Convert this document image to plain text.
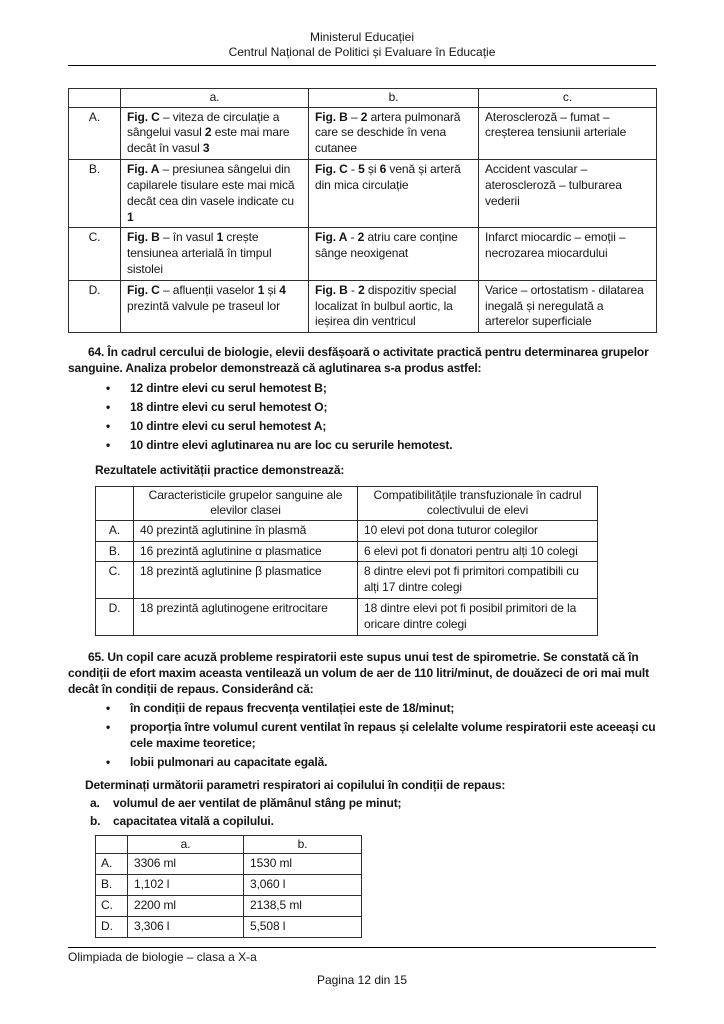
Ministerul Educației
Centrul Național de Politici și Evaluare în Educație
	a.	b.	c.
A.	Fig. C – viteza de circulație a sângelui vasul 2 este mai mare decât în vasul 3	Fig. B – 2 artera pulmonară care se deschide în vena cutanee	Ateroscleroză – fumat – creșterea tensiunii arteriale
B.	Fig. A – presiunea sângelui din capilarele tisulare este mai mică decât cea din vasele indicate cu 1	Fig. C - 5 și 6 venă și arteră din mica circulație	Accident vascular – ateroscleroză – tulburarea vederii
C.	Fig. B – în vasul 1 crește tensiunea arterială în timpul sistolei	Fig. A - 2 atriu care conține sânge neoxigenat	Infarct miocardic – emoții – necrozarea miocardului
D.	Fig. C – afluenții vaselor 1 și 4 prezintă valvule pe traseul lor	Fig. B - 2 dispozitiv special localizat în bulbul aortic, la ieșirea din ventricul	Varice – ortostatism - dilatarea inegală și neregulată a arterelor superficiale

64. În cadrul cercului de biologie, elevii desfășoară o activitate practică pentru determinarea grupelor sanguine. Analiza probelor demonstrează că aglutinarea s-a produs astfel:

• 12 dintre elevi cu serul hemotest B;
• 18 dintre elevi cu serul hemotest O;
• 10 dintre elevi cu serul hemotest A;
• 10 dintre elevi aglutinarea nu are loc cu serurile hemotest.

Rezultatele activității practice demonstrează:

	Caracteristicile grupelor sanguine ale elevilor clasei	Compatibilitățile transfuzionale în cadrul colectivului de elevi
A.	40 prezintă aglutinine în plasmă	10 elevi pot dona tuturor colegilor
B.	16 prezintă aglutinine α plasmatice	6 elevi pot fi donatori pentru alți 10 colegi
C.	18 prezintă aglutinine β plasmatice	8 dintre elevi pot fi primitori compatibili cu alți 17 dintre colegi
D.	18 prezintă aglutinogene eritrocitare	18 dintre elevi pot fi posibil primitori de la oricare dintre colegi

65. Un copil care acuză probleme respiratorii este supus unui test de spirometrie. Se constată că în condiții de efort maxim aceasta ventilează un volum de aer de 110 litri/minut, de douăzeci de ori mai mult decât în condiții de repaus. Considerând că:

• în condiții de repaus frecvența ventilației este de 18/minut;
• proporția între volumul curent ventilat în repaus și celelalte volume respiratorii este aceeași cu cele maxime teoretice;
• lobii pulmonari au capacitate egală.

Determinați următorii parametri respiratori ai copilului în condiții de repaus:

a.	volumul de aer ventilat de plămânul stâng pe minut;
b.	capacitatea vitală a copilului.
	a.	b.
A.	3306 ml	1530 ml
B.	1,102 l	3,060 l
C.	2200 ml	2138,5 ml
D.	3,306 l	5,508 l
Olimpiada de biologie – clasa a X-a
Pagina 12 din 15
